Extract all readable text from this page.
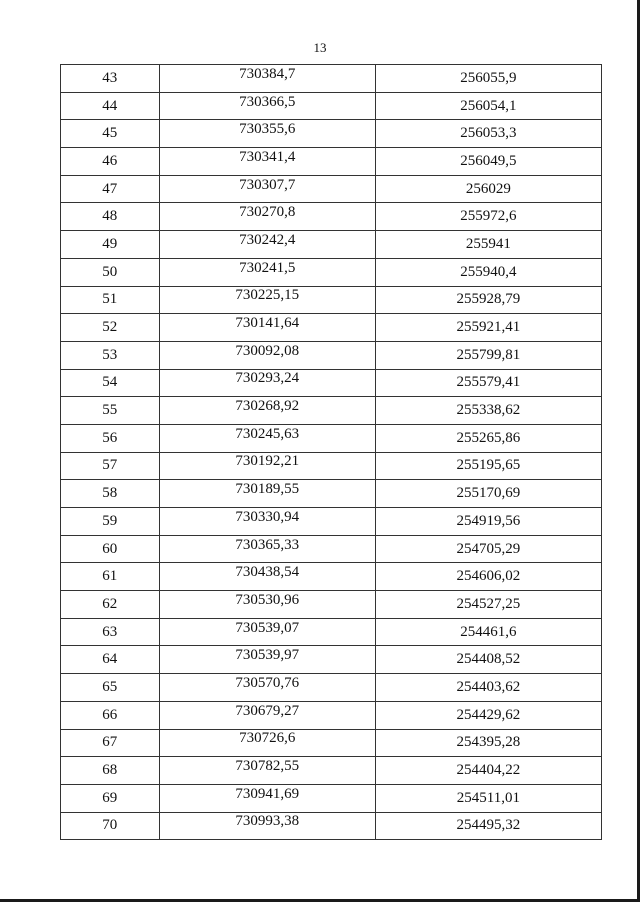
13
43	730384,7	256055,9
44	730366,5	256054,1
45	730355,6	256053,3
46	730341,4	256049,5
47	730307,7	256029
48	730270,8	255972,6
49	730242,4	255941
50	730241,5	255940,4
51	730225,15	255928,79
52	730141,64	255921,41
53	730092,08	255799,81
54	730293,24	255579,41
55	730268,92	255338,62
56	730245,63	255265,86
57	730192,21	255195,65
58	730189,55	255170,69
59	730330,94	254919,56
60	730365,33	254705,29
61	730438,54	254606,02
62	730530,96	254527,25
63	730539,07	254461,6
64	730539,97	254408,52
65	730570,76	254403,62
66	730679,27	254429,62
67	730726,6	254395,28
68	730782,55	254404,22
69	730941,69	254511,01
70	730993,38	254495,32
